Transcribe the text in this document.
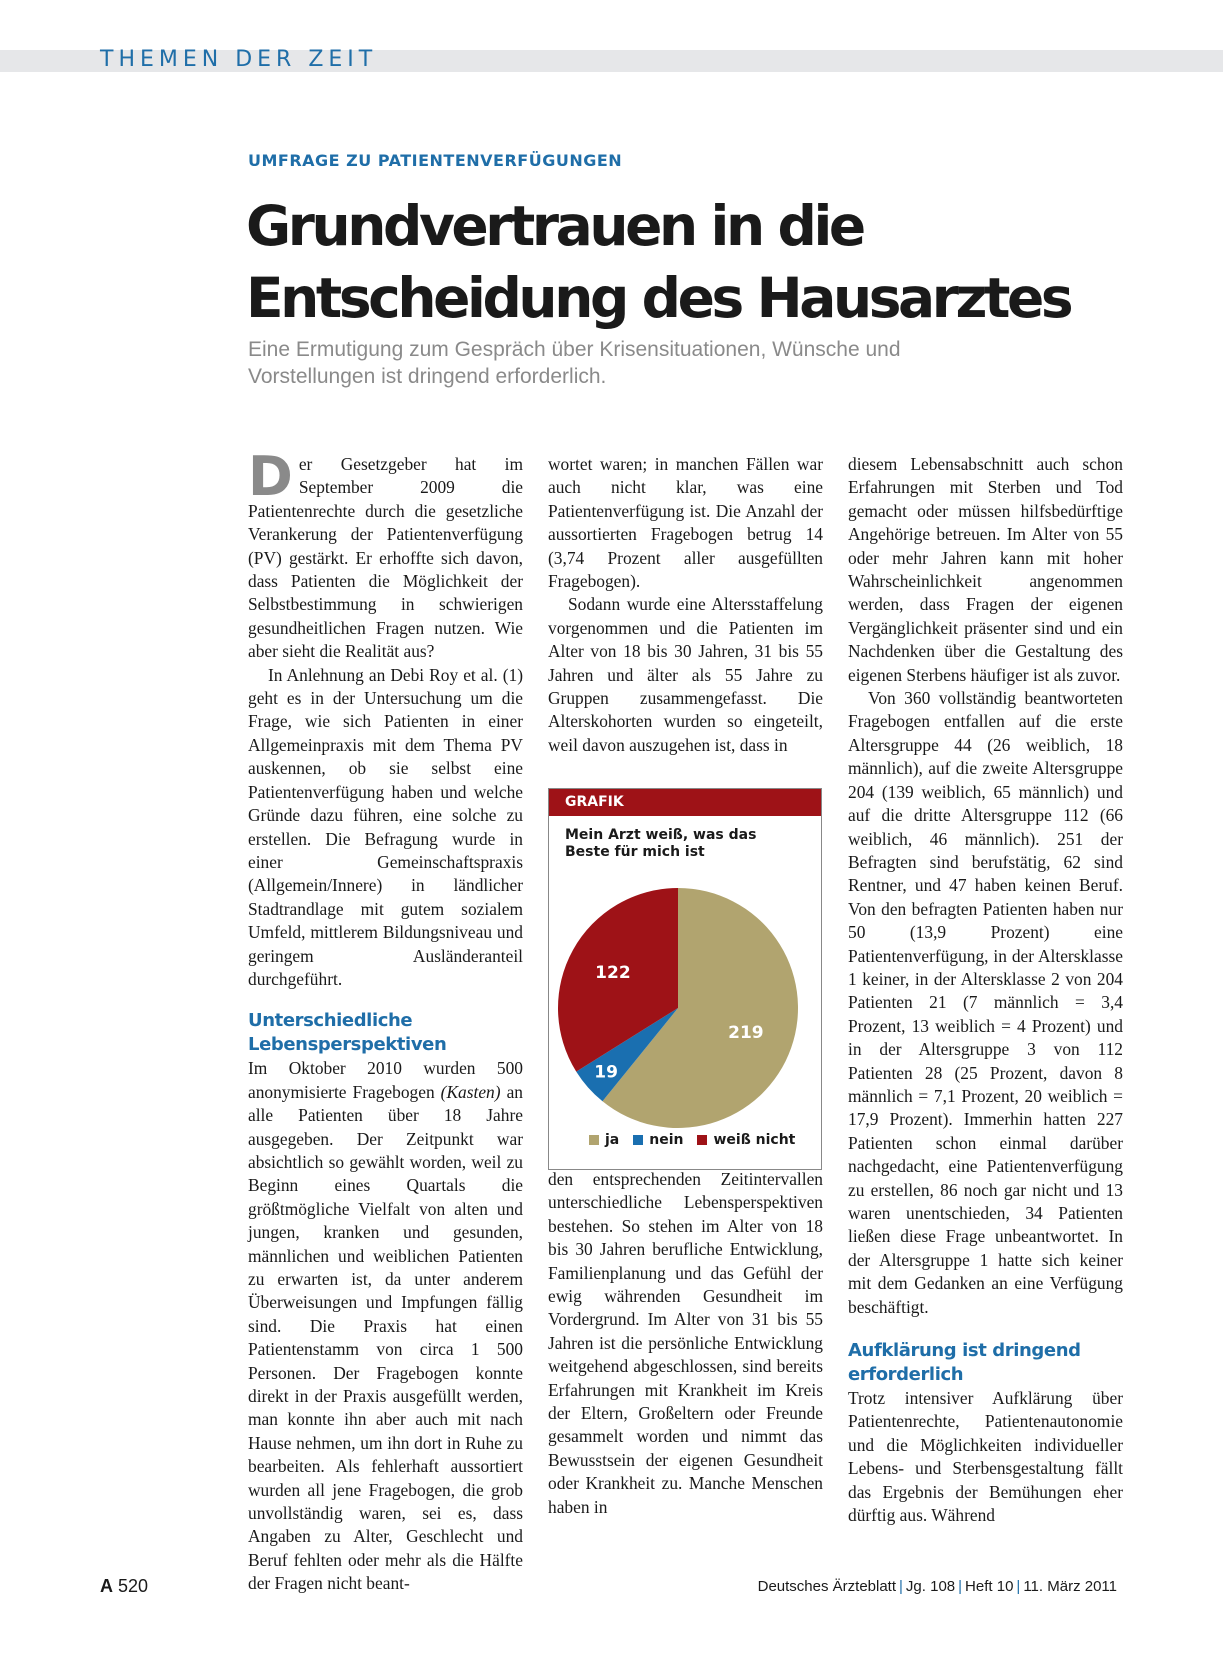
THEMEN DER ZEIT
UMFRAGE ZU PATIENTENVERFÜGUNGEN
Grundvertrauen in die Entscheidung des Hausarztes

Eine Ermutigung zum Gespräch über Krisensituationen, Wünsche und Vorstellungen ist dringend erforderlich.

Der Gesetzgeber hat im September 2009 die Patientenrechte durch die gesetzliche Verankerung der Patientenverfügung (PV) gestärkt. Er erhoffte sich davon, dass Patienten die Möglichkeit der Selbstbestimmung in schwierigen gesundheitlichen Fragen nutzen. Wie aber sieht die Realität aus?

In Anlehnung an Debi Roy et al. (1) geht es in der Untersuchung um die Frage, wie sich Patienten in einer Allgemeinpraxis mit dem Thema PV auskennen, ob sie selbst eine Patientenverfügung haben und welche Gründe dazu führen, eine solche zu erstellen. Die Befragung wurde in einer Gemeinschaftspraxis (Allgemein/Innere) in ländlicher Stadtrandlage mit gutem sozialem Umfeld, mittlerem Bildungsniveau und geringem Ausländeranteil durchgeführt.

Unterschiedliche Lebensperspektiven

Im Oktober 2010 wurden 500 anonymisierte Fragebogen (Kasten) an alle Patienten über 18 Jahre ausgegeben. Der Zeitpunkt war absichtlich so gewählt worden, weil zu Beginn eines Quartals die größtmögliche Vielfalt von alten und jungen, kranken und gesunden, männlichen und weiblichen Patienten zu erwarten ist, da unter anderem Überweisungen und Impfungen fällig sind. Die Praxis hat einen Patientenstamm von circa 1 500 Personen. Der Fragebogen konnte direkt in der Praxis ausgefüllt werden, man konnte ihn aber auch mit nach Hause nehmen, um ihn dort in Ruhe zu bearbeiten. Als fehlerhaft aussortiert wurden all jene Fragebogen, die grob unvollständig waren, sei es, dass Angaben zu Alter, Geschlecht und Beruf fehlten oder mehr als die Hälfte der Fragen nicht beant-

wortet waren; in manchen Fällen war auch nicht klar, was eine Patientenverfügung ist. Die Anzahl der aussortierten Fragebogen betrug 14 (3,74 Prozent aller ausgefüllten Fragebogen).

Sodann wurde eine Altersstaffelung vorgenommen und die Patienten im Alter von 18 bis 30 Jahren, 31 bis 55 Jahren und älter als 55 Jahre zu Gruppen zusammengefasst. Die Alterskohorten wurden so eingeteilt, weil davon auszugehen ist, dass in

GRAFIK
Mein Arzt weiß, was das Beste für mich ist
219
19
122
ja nein weiß nicht

den entsprechenden Zeitintervallen unterschiedliche Lebensperspektiven bestehen. So stehen im Alter von 18 bis 30 Jahren berufliche Entwicklung, Familienplanung und das Gefühl der ewig währenden Gesundheit im Vordergrund. Im Alter von 31 bis 55 Jahren ist die persönliche Entwicklung weitgehend abgeschlossen, sind bereits Erfahrungen mit Krankheit im Kreis der Eltern, Großeltern oder Freunde gesammelt worden und nimmt das Bewusstsein der eigenen Gesundheit oder Krankheit zu. Manche Menschen haben in

diesem Lebensabschnitt auch schon Erfahrungen mit Sterben und Tod gemacht oder müssen hilfsbedürftige Angehörige betreuen. Im Alter von 55 oder mehr Jahren kann mit hoher Wahrscheinlichkeit angenommen werden, dass Fragen der eigenen Vergänglichkeit präsenter sind und ein Nachdenken über die Gestaltung des eigenen Sterbens häufiger ist als zuvor.

Von 360 vollständig beantworteten Fragebogen entfallen auf die erste Altersgruppe 44 (26 weiblich, 18 männlich), auf die zweite Altersgruppe 204 (139 weiblich, 65 männlich) und auf die dritte Altersgruppe 112 (66 weiblich, 46 männlich). 251 der Befragten sind berufstätig, 62 sind Rentner, und 47 haben keinen Beruf. Von den befragten Patienten haben nur 50 (13,9 Prozent) eine Patientenverfügung, in der Altersklasse 1 keiner, in der Altersklasse 2 von 204 Patienten 21 (7 männlich = 3,4 Prozent, 13 weiblich = 4 Prozent) und in der Altersgruppe 3 von 112 Patienten 28 (25 Prozent, davon 8 männlich = 7,1 Prozent, 20 weiblich = 17,9 Prozent). Immerhin hatten 227 Patienten schon einmal darüber nachgedacht, eine Patientenverfügung zu erstellen, 86 noch gar nicht und 13 waren unentschieden, 34 Patienten ließen diese Frage unbeantwortet. In der Altersgruppe 1 hatte sich keiner mit dem Gedanken an eine Verfügung beschäftigt.

Aufklärung ist dringend erforderlich

Trotz intensiver Aufklärung über Patientenrechte, Patientenautonomie und die Möglichkeiten individueller Lebens- und Sterbensgestaltung fällt das Ergebnis der Bemühungen eher dürftig aus. Während

A 520	Deutsches Ärzteblatt | Jg. 108 | Heft 10 | 11. März 2011
